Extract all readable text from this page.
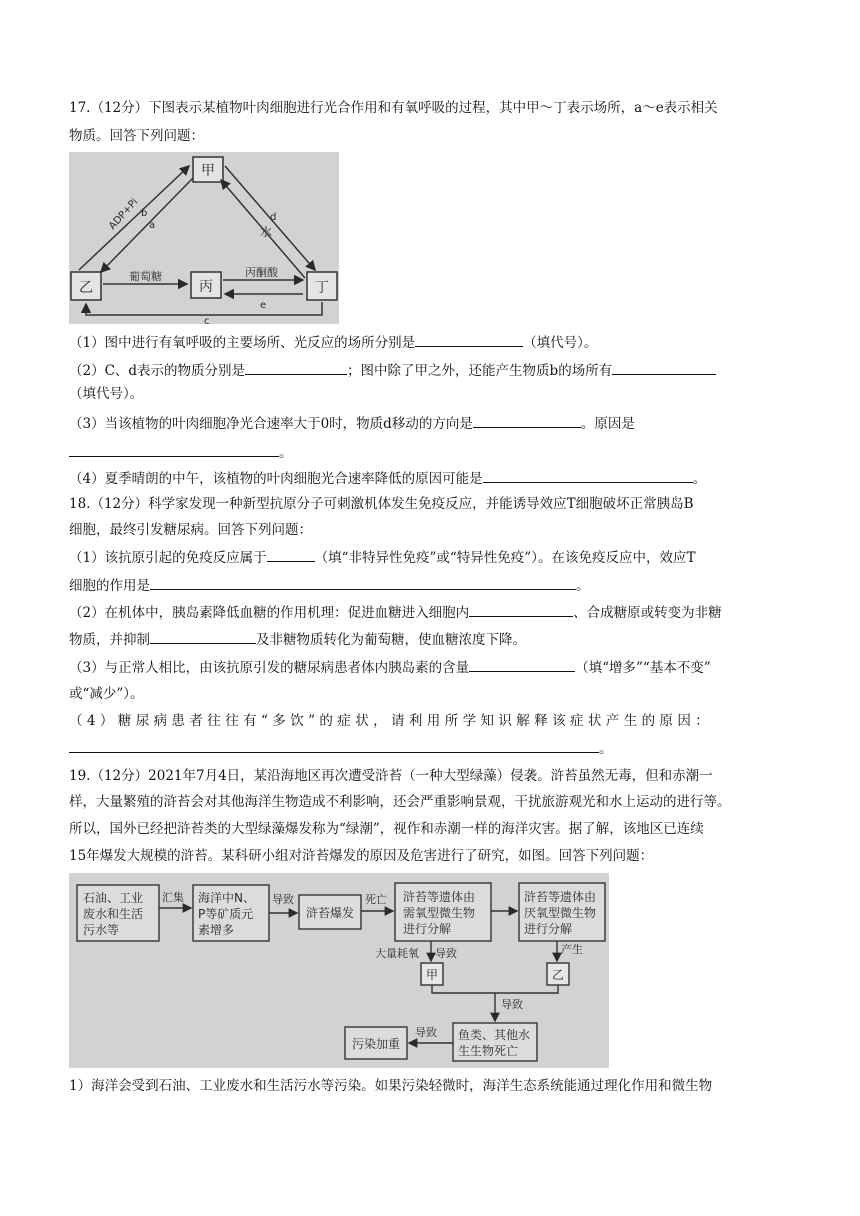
17.（12分）下图表示某植物叶肉细胞进行光合作用和有氧呼吸的过程，其中甲～丁表示场所，a～e表示相关
物质。回答下列问题：
甲
乙	丙	丁
ADP+Pi b
a
d
水
葡萄糖	丙酮酸
e
c
（1）图中进行有氧呼吸的主要场所、光反应的场所分别是	（填代号）。
（2）C、d表示的物质分别是	；图中除了甲之外，还能产生物质b的场所有
（填代号）。
（3）当该植物的叶肉细胞净光合速率大于0时，物质d移动的方向是	。原因是
。
（4）夏季晴朗的中午，该植物的叶肉细胞光合速率降低的原因可能是	。
18.（12分）科学家发现一种新型抗原分子可刺激机体发生免疫反应，并能诱导效应T细胞破坏正常胰岛B
细胞，最终引发糖尿病。回答下列问题：
（1）该抗原引起的免疫反应属于	（填“非特异性免疫”或“特异性免疫”）。在该免疫反应中，效应T
细胞的作用是	。
（2）在机体中，胰岛素降低血糖的作用机理：促进血糖进入细胞内	、合成糖原或转变为非糖
物质，并抑制	及非糖物质转化为葡萄糖，使血糖浓度下降。
（3）与正常人相比，由该抗原引发的糖尿病患者体内胰岛素的含量	（填“增多”“基本不变”
或“减少”）。
（4）糖尿病患者往往有“多饮”的症状，请利用所学知识解释该症状产生的原因：
。
19.（12分）2021年7月4日，某沿海地区再次遭受浒苔（一种大型绿藻）侵袭。浒苔虽然无毒，但和赤潮一
样，大量繁殖的浒苔会对其他海洋生物造成不利影响，还会严重影响景观，干扰旅游观光和水上运动的进行等。
所以，国外已经把浒苔类的大型绿藻爆发称为“绿潮”，视作和赤潮一样的海洋灾害。据了解，该地区已连续
15年爆发大规模的浒苔。某科研小组对浒苔爆发的原因及危害进行了研究，如图。回答下列问题：
石油、工业
废水和生活
污水等
汇集 海洋中N、
P等矿质元
素增多
导致
浒苔爆发
死亡 浒苔等遗体由
需氧型微生物
进行分解
浒苔等遗体由
厌氧型微生物
进行分解
大量耗氧 导致
甲
产生
乙
导致
鱼类、其他水
生生物死亡
导致
污染加重
1）海洋会受到石油、工业废水和生活污水等污染。如果污染轻微时，海洋生态系统能通过理化作用和微生物
